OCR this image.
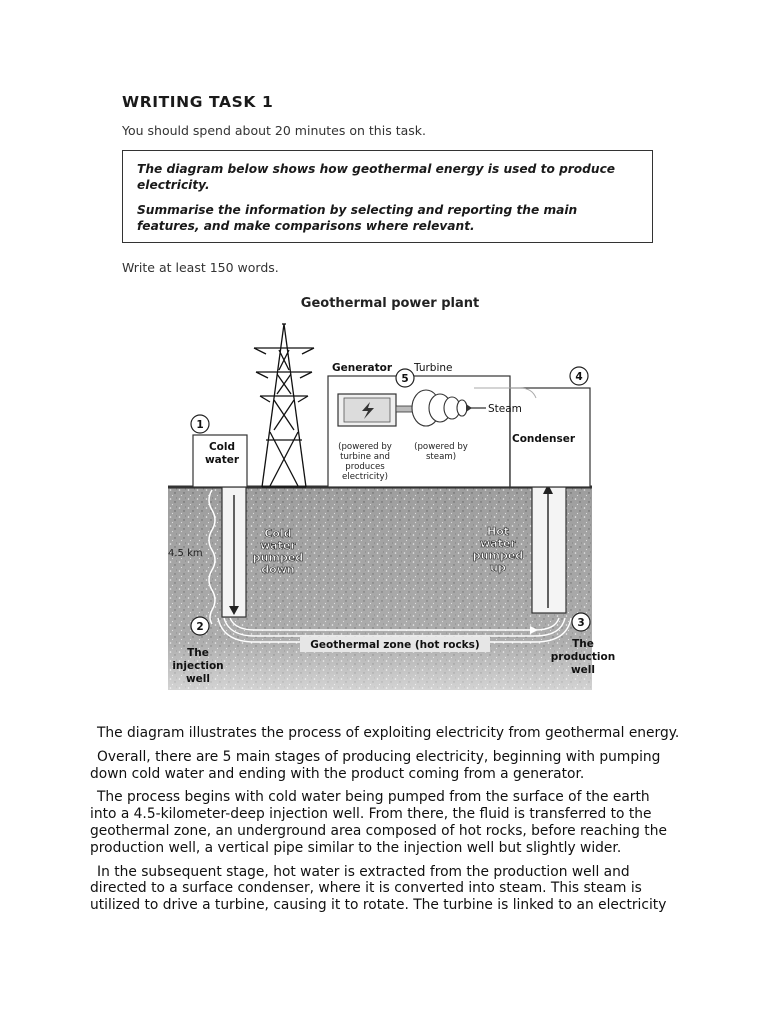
WRITING TASK 1
You should spend about 20 minutes on this task.

The diagram below shows how geothermal energy is used to produce electricity.

Summarise the information by selecting and reporting the main features, and make comparisons where relevant.

Write at least 150 words.
Geothermal power plant
4.5 km
Geothermal zone (hot rocks)
Cold
water
pumped
down
Hot
water
pumped
up
Cold
water
Generator Turbine
Condenser
Steam
(powered by
turbine and
produces
electricity)
(powered by
steam)
1
2	3
4
5
The
injection
well
The
production
well

The diagram illustrates the process of exploiting electricity from geothermal energy.

Overall, there are 5 main stages of producing electricity, beginning with pumping down cold water and ending with the product coming from a generator.

The process begins with cold water being pumped from the surface of the earth into a 4.5-kilometer-deep injection well. From there, the fluid is transferred to the geothermal zone, an underground area composed of hot rocks, before reaching the production well, a vertical pipe similar to the injection well but slightly wider.

In the subsequent stage, hot water is extracted from the production well and directed to a surface condenser, where it is converted into steam. This steam is utilized to drive a turbine, causing it to rotate. The turbine is linked to an electricity
